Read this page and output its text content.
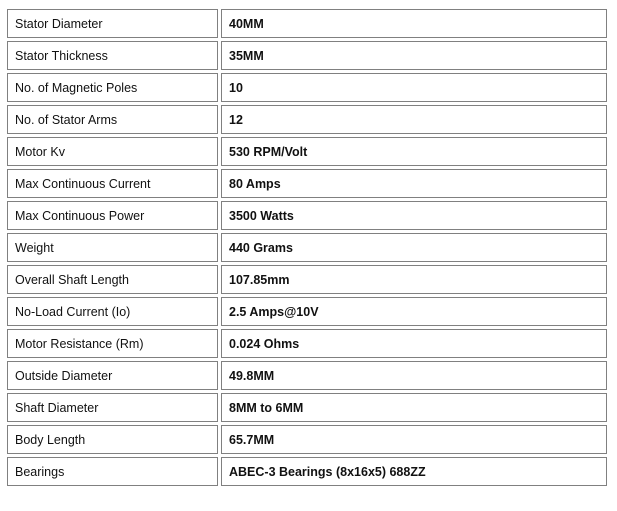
Stator Diameter	40MM
Stator Thickness	35MM
No. of Magnetic Poles	10
No. of Stator Arms	12
Motor Kv	530 RPM/Volt
Max Continuous Current	80 Amps
Max Continuous Power	3500 Watts
Weight	440 Grams
Overall Shaft Length	107.85mm
No-Load Current (Io)	2.5 Amps@10V
Motor Resistance (Rm)	0.024 Ohms
Outside Diameter	49.8MM
Shaft Diameter	8MM to 6MM
Body Length	65.7MM
Bearings	ABEC-3 Bearings (8x16x5) 688ZZ
